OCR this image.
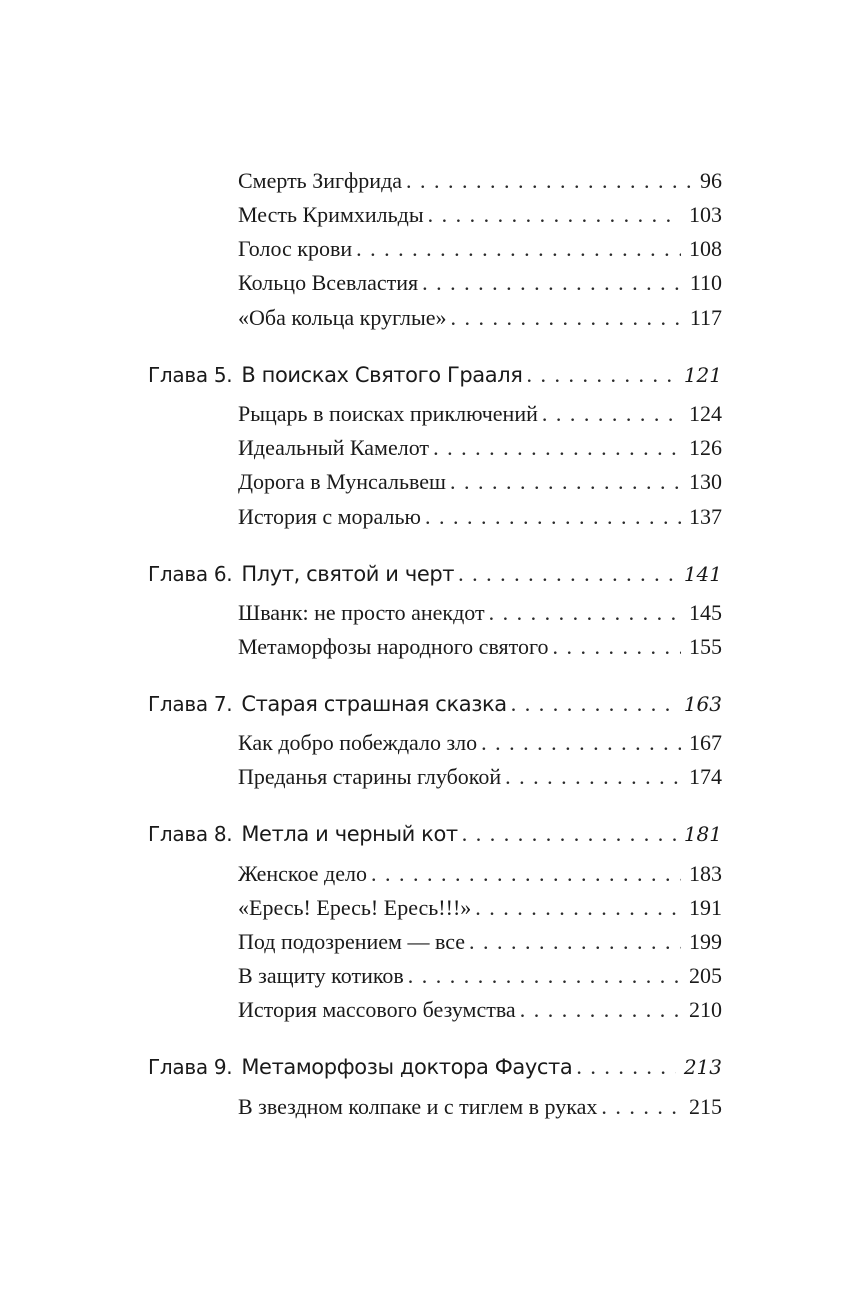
Смерть Зигфрида . . .	96
Месть Кримхильды . . .	103
Голос крови . . .	108
Кольцо Всевластия . . .	110
«Оба кольца круглые» . . .	117
Глава 5. В поисках Святого Грааля . . .	121
Рыцарь в поисках приключений . . .	124
Идеальный Камелот . . .	126
Дорога в Мунсальвеш . . .	130
История с моралью . . .	137
Глава 6. Плут, святой и черт . . .	141
Шванк: не просто анекдот . . .	145
Метаморфозы народного святого . . .	155
Глава 7. Старая страшная сказка . . .	163
Как добро побеждало зло . . .	167
Преданья старины глубокой . . .	174
Глава 8. Метла и черный кот . . .	181
Женское дело . . .	183
«Ересь! Ересь! Ересь!!!» . . .	191
Под подозрением — все . . .	199
В защиту котиков . . .	205
История массового безумства . . .	210
Глава 9. Метаморфозы доктора Фауста . . .	213
В звездном колпаке и с тиглем в руках . . .	215
